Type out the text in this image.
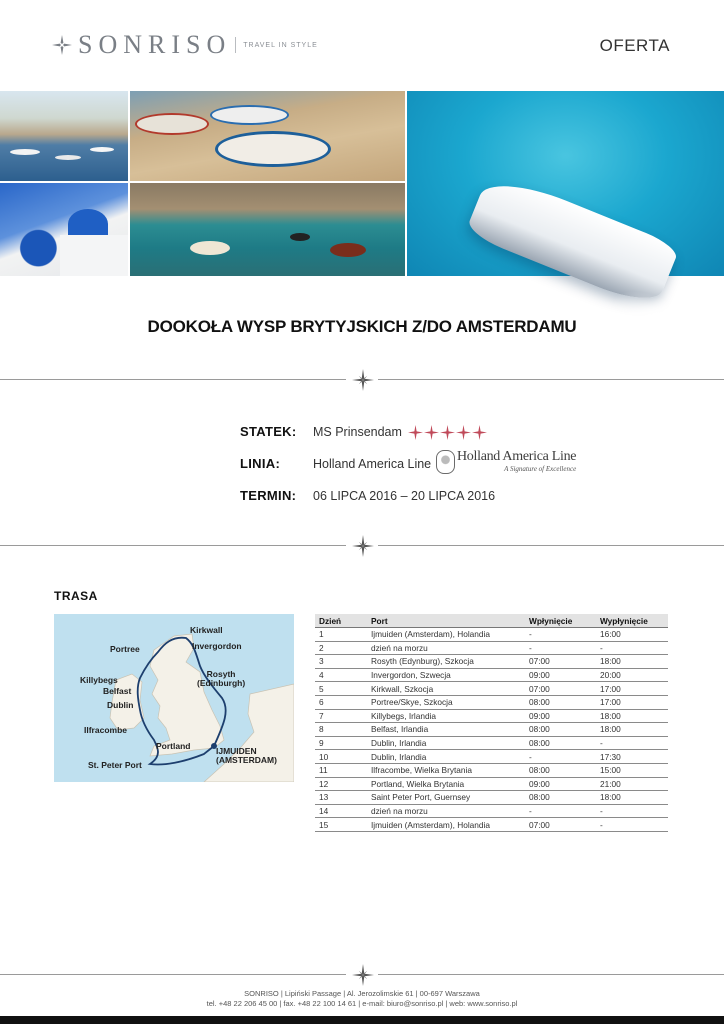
SONRISO TRAVEL IN STYLE	OFERTA
DOOKOŁA WYSP BRYTYJSKICH Z/DO AMSTERDAMU
STATEK: MS Prinsendam
LINIA:	Holland America Line Holland America Line
A Signature of Excellence
TERMIN: 06 LIPCA 2016 – 20 LIPCA 2016
TRASA
Kirkwall
Portree	Invergordon
Rosyth
(Edinburgh)
Killybegs
Belfast
Dublin
Ilfracombe
Portland
St. Peter Port
IJMUIDEN
(AMSTERDAM)
Dzień	Port	Wpłynięcie	Wypłynięcie
1	Ijmuiden (Amsterdam), Holandia	-	16:00
2	dzień na morzu	-	-
3	Rosyth (Edynburg), Szkocja	07:00	18:00
4	Invergordon, Szwecja	09:00	20:00
5	Kirkwall, Szkocja	07:00	17:00
6	Portree/Skye, Szkocja	08:00	17:00
7	Killybegs, Irlandia	09:00	18:00
8	Belfast, Irlandia	08:00	18:00
9	Dublin, Irlandia	08:00	-
10	Dublin, Irlandia	-	17:30
11	Ilfracombe, Wielka Brytania	08:00	15:00
12	Portland, Wielka Brytania	09:00	21:00
13	Saint Peter Port, Guernsey	08:00	18:00
14	dzień na morzu	-	-
15	Ijmuiden (Amsterdam), Holandia	07:00	-
SONRISO | Lipiński Passage | Al. Jerozolimskie 61 | 00-697 Warszawa
tel. +48 22 206 45 00 | fax. +48 22 100 14 61 | e-mail: biuro@sonriso.pl | web: www.sonriso.pl
